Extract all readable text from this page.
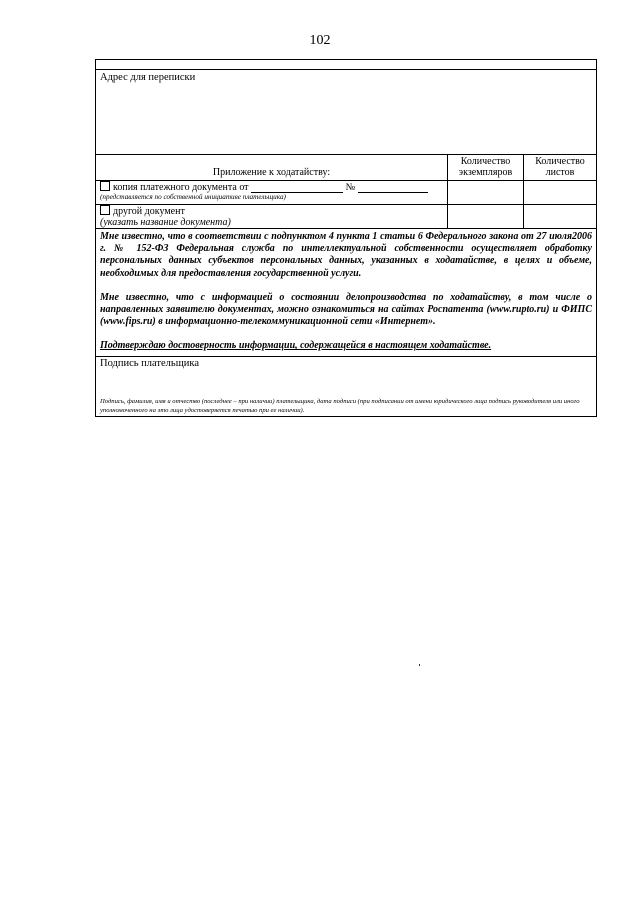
102
Адрес для переписки
Приложение к ходатайству:
Количество экземпляров
Количество листов
копия платежного документа от	№
(представляется по собственной инициативе плательщика)
другой документ
(указать название документа)

Мне известно, что в соответствии с подпунктом 4 пункта 1 статьи 6 Федерального закона от 27 июля2006 г. № 152-ФЗ Федеральная служба по интеллектуальной собственности осуществляет обработку персональных данных субъектов персональных данных, указанных в ходатайстве, в целях и объеме, необходимых для предоставления государственной услуги.

Мне известно, что с информацией о состоянии делопроизводства по ходатайству, в том числе о направленных заявителю документах, можно ознакомиться на сайтах Роспатента (www.rupto.ru) и ФИПС (www.fips.ru) в информационно-телекоммуникационной сети «Интернет».

Подтверждаю достоверность информации, содержащейся в настоящем ходатайстве.

Подпись плательщика
Подпись, фамилия, имя и отчество (последнее – при наличии) плательщика, дата подписи (при подписании от имени юридического лица подпись руководителя или иного уполномоченного на это лица удостоверяется печатью при ее наличии).
